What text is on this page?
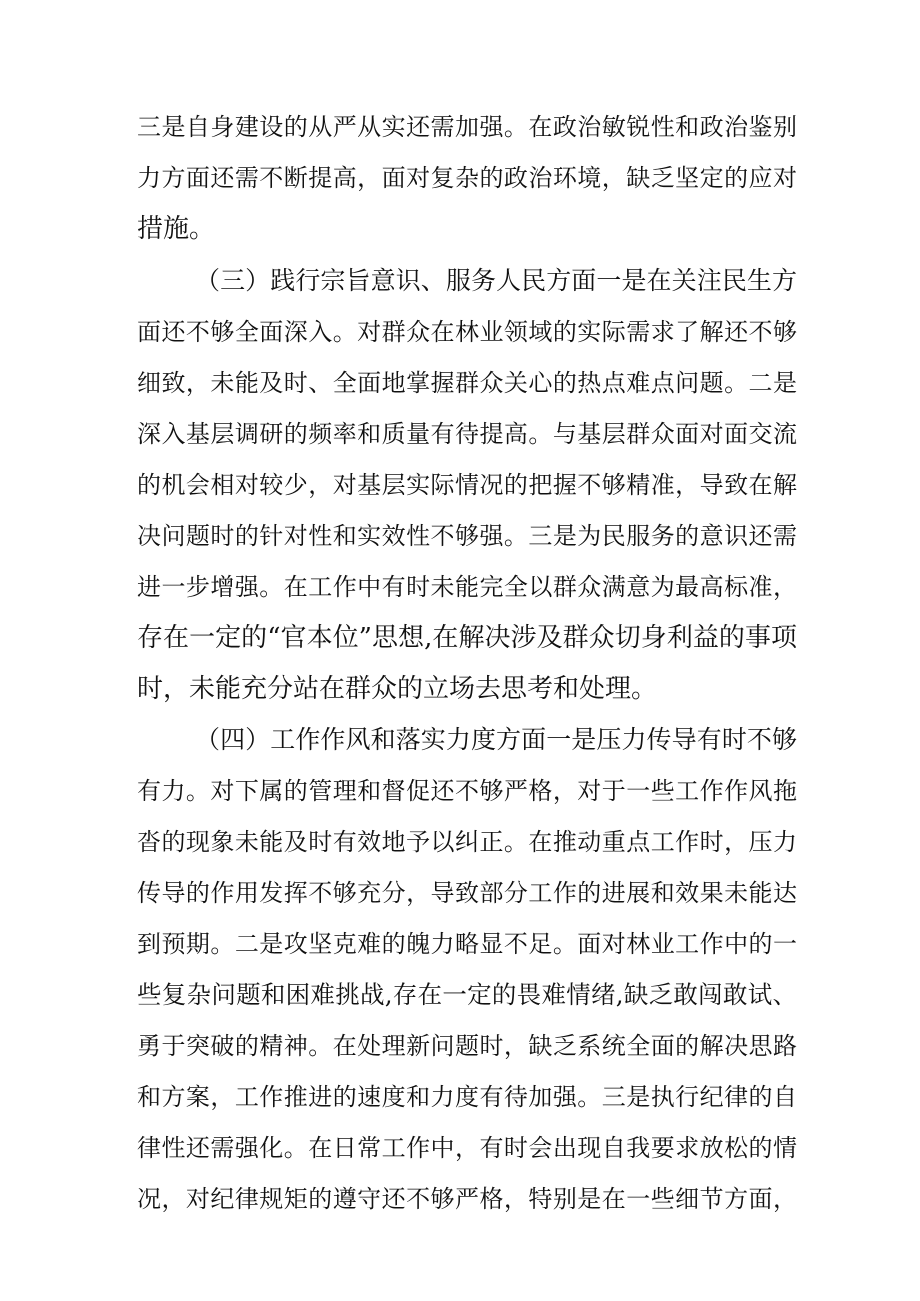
三是自身建设的从严从实还需加强。在政治敏锐性和政治鉴别
力方面还需不断提高，面对复杂的政治环境，缺乏坚定的应对
措施。
（三）践行宗旨意识、服务人民方面一是在关注民生方
面还不够全面深入。对群众在林业领域的实际需求了解还不够
细致，未能及时、全面地掌握群众关心的热点难点问题。二是
深入基层调研的频率和质量有待提高。与基层群众面对面交流
的机会相对较少，对基层实际情况的把握不够精准，导致在解
决问题时的针对性和实效性不够强。三是为民服务的意识还需
进一步增强。在工作中有时未能完全以群众满意为最高标准，
存在一定的“官本位”思想,在解决涉及群众切身利益的事项
时，未能充分站在群众的立场去思考和处理。
（四）工作作风和落实力度方面一是压力传导有时不够
有力。对下属的管理和督促还不够严格，对于一些工作作风拖
沓的现象未能及时有效地予以纠正。在推动重点工作时，压力
传导的作用发挥不够充分，导致部分工作的进展和效果未能达
到预期。二是攻坚克难的魄力略显不足。面对林业工作中的一
些复杂问题和困难挑战,存在一定的畏难情绪,缺乏敢闯敢试、
勇于突破的精神。在处理新问题时，缺乏系统全面的解决思路
和方案，工作推进的速度和力度有待加强。三是执行纪律的自
律性还需强化。在日常工作中，有时会出现自我要求放松的情
况，对纪律规矩的遵守还不够严格，特别是在一些细节方面，
